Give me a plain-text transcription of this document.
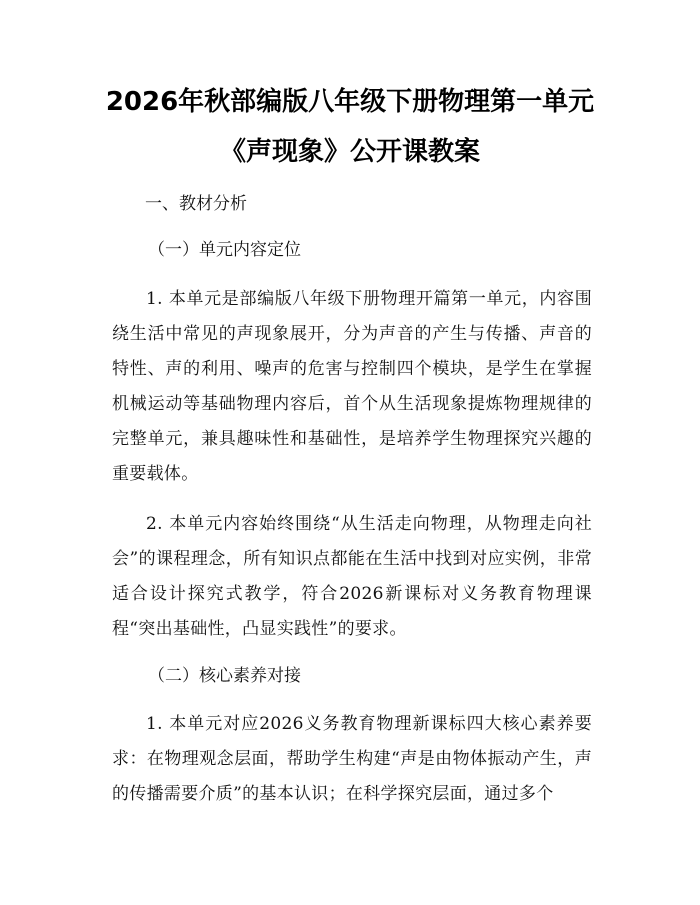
2026年秋部编版八年级下册物理第一单元
《声现象》公开课教案
一、教材分析
（一）单元内容定位

1. 本单元是部编版八年级下册物理开篇第一单元，内容围绕生活中常见的声现象展开，分为声音的产生与传播、声音的特性、声的利用、噪声的危害与控制四个模块，是学生在掌握机械运动等基础物理内容后，首个从生活现象提炼物理规律的完整单元，兼具趣味性和基础性，是培养学生物理探究兴趣的重要载体。

2. 本单元内容始终围绕“从生活走向物理，从物理走向社会”的课程理念，所有知识点都能在生活中找到对应实例，非常适合设计探究式教学，符合2026新课标对义务教育物理课程“突出基础性，凸显实践性”的要求。

（二）核心素养对接

1. 本单元对应2026义务教育物理新课标四大核心素养要求：在物理观念层面，帮助学生构建“声是由物体振动产生，声的传播需要介质”的基本认识；在科学探究层面，通过多个
